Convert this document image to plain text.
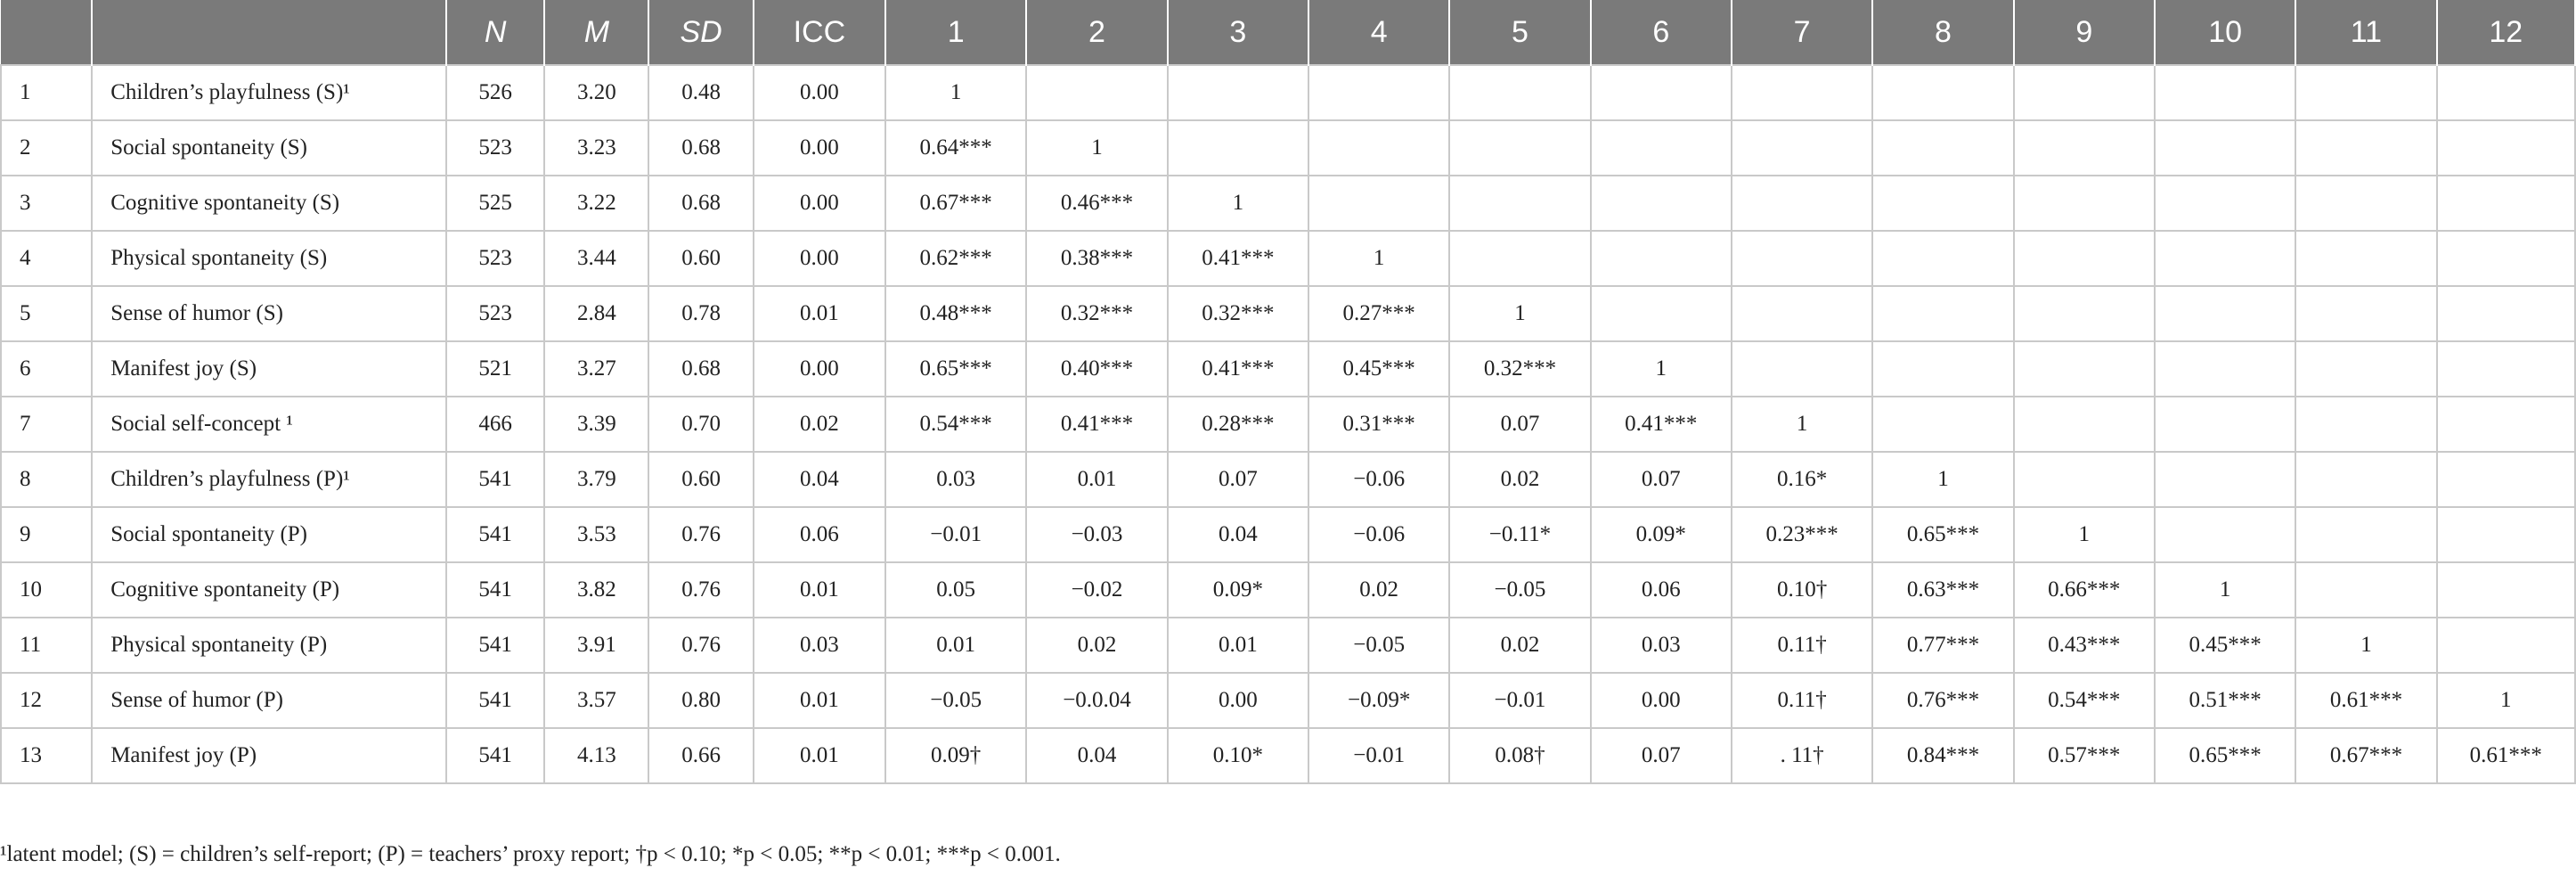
		N	M	SD	ICC	1	2	3	4	5	6	7	8	9	10	11	12
1	Children’s playfulness (S)¹	526	3.20	0.48	0.00	1											
2	Social spontaneity (S)	523	3.23	0.68	0.00	0.64***	1										
3	Cognitive spontaneity (S)	525	3.22	0.68	0.00	0.67***	0.46***	1									
4	Physical spontaneity (S)	523	3.44	0.60	0.00	0.62***	0.38***	0.41***	1								
5	Sense of humor (S)	523	2.84	0.78	0.01	0.48***	0.32***	0.32***	0.27***	1							
6	Manifest joy (S)	521	3.27	0.68	0.00	0.65***	0.40***	0.41***	0.45***	0.32***	1						
7	Social self-concept ¹	466	3.39	0.70	0.02	0.54***	0.41***	0.28***	0.31***	0.07	0.41***	1					
8	Children’s playfulness (P)¹	541	3.79	0.60	0.04	0.03	0.01	0.07	−0.06	0.02	0.07	0.16*	1				
9	Social spontaneity (P)	541	3.53	0.76	0.06	−0.01	−0.03	0.04	−0.06	−0.11*	0.09*	0.23***	0.65***	1			
10	Cognitive spontaneity (P)	541	3.82	0.76	0.01	0.05	−0.02	0.09*	0.02	−0.05	0.06	0.10†	0.63***	0.66***	1		
11	Physical spontaneity (P)	541	3.91	0.76	0.03	0.01	0.02	0.01	−0.05	0.02	0.03	0.11†	0.77***	0.43***	0.45***	1	
12	Sense of humor (P)	541	3.57	0.80	0.01	−0.05	−0.0.04	0.00	−0.09*	−0.01	0.00	0.11†	0.76***	0.54***	0.51***	0.61***	1
13	Manifest joy (P)	541	4.13	0.66	0.01	0.09†	0.04	0.10*	−0.01	0.08†	0.07	. 11†	0.84***	0.57***	0.65***	0.67***	0.61***
¹latent model; (S) = children’s self-report; (P) = teachers’ proxy report; †p < 0.10; *p < 0.05; **p < 0.01; ***p < 0.001.
